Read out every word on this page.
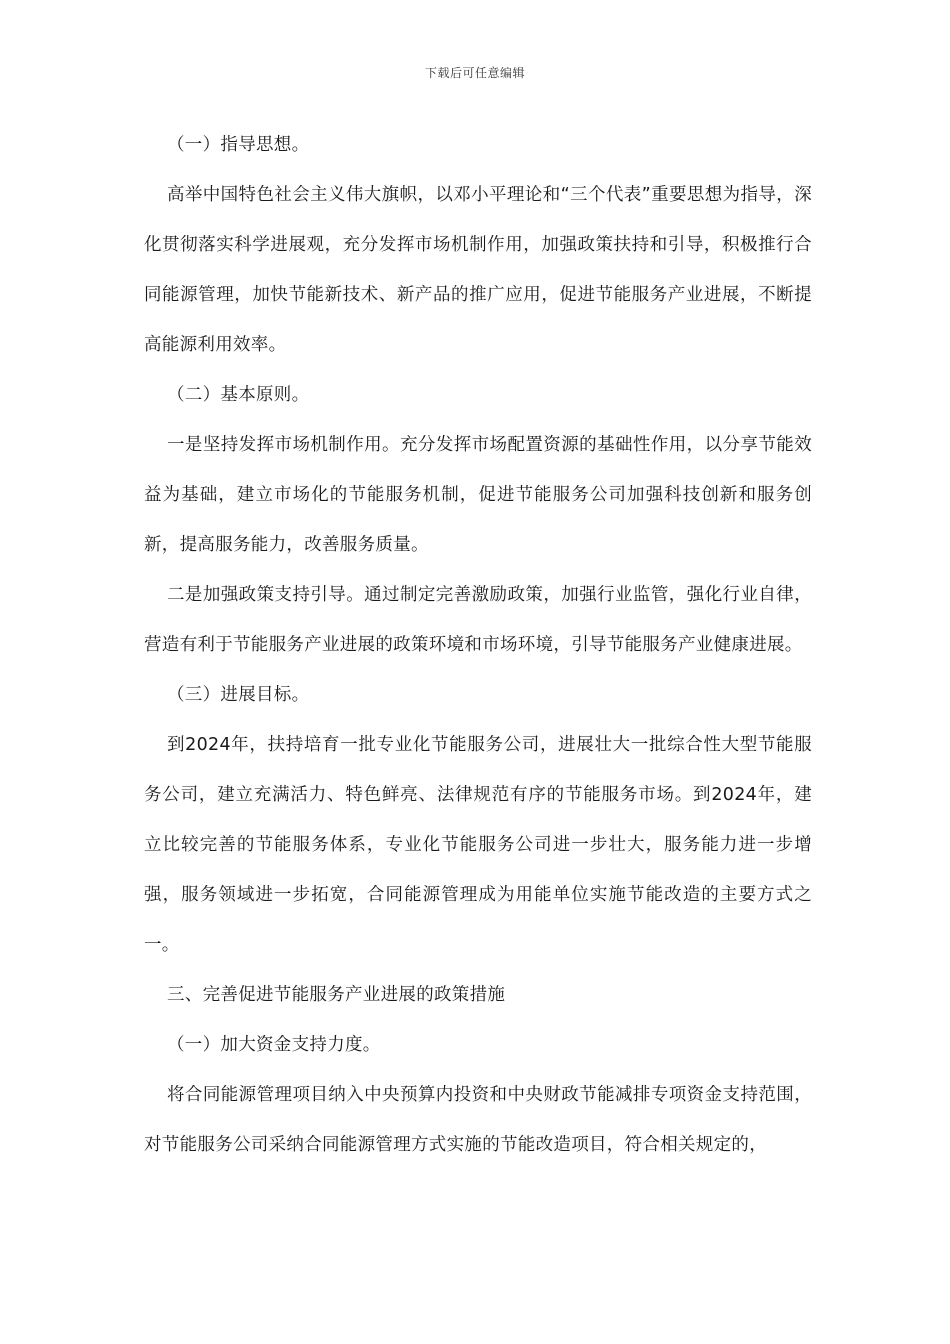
下载后可任意编辑

（一）指导思想。

高举中国特色社会主义伟大旗帜，以邓小平理论和“三个代表”重要思想为指导，深化贯彻落实科学进展观，充分发挥市场机制作用，加强政策扶持和引导，积极推行合同能源管理，加快节能新技术、新产品的推广应用，促进节能服务产业进展，不断提高能源利用效率。

（二）基本原则。

一是坚持发挥市场机制作用。充分发挥市场配置资源的基础性作用，以分享节能效益为基础，建立市场化的节能服务机制，促进节能服务公司加强科技创新和服务创新，提高服务能力，改善服务质量。

二是加强政策支持引导。通过制定完善激励政策，加强行业监管，强化行业自律，营造有利于节能服务产业进展的政策环境和市场环境，引导节能服务产业健康进展。

（三）进展目标。

到2024年，扶持培育一批专业化节能服务公司，进展壮大一批综合性大型节能服务公司，建立充满活力、特色鲜亮、法律规范有序的节能服务市场。到2024年，建立比较完善的节能服务体系，专业化节能服务公司进一步壮大，服务能力进一步增强，服务领域进一步拓宽，合同能源管理成为用能单位实施节能改造的主要方式之一。

三、完善促进节能服务产业进展的政策措施

（一）加大资金支持力度。

将合同能源管理项目纳入中央预算内投资和中央财政节能减排专项资金支持范围，对节能服务公司采纳合同能源管理方式实施的节能改造项目，符合相关规定的，
